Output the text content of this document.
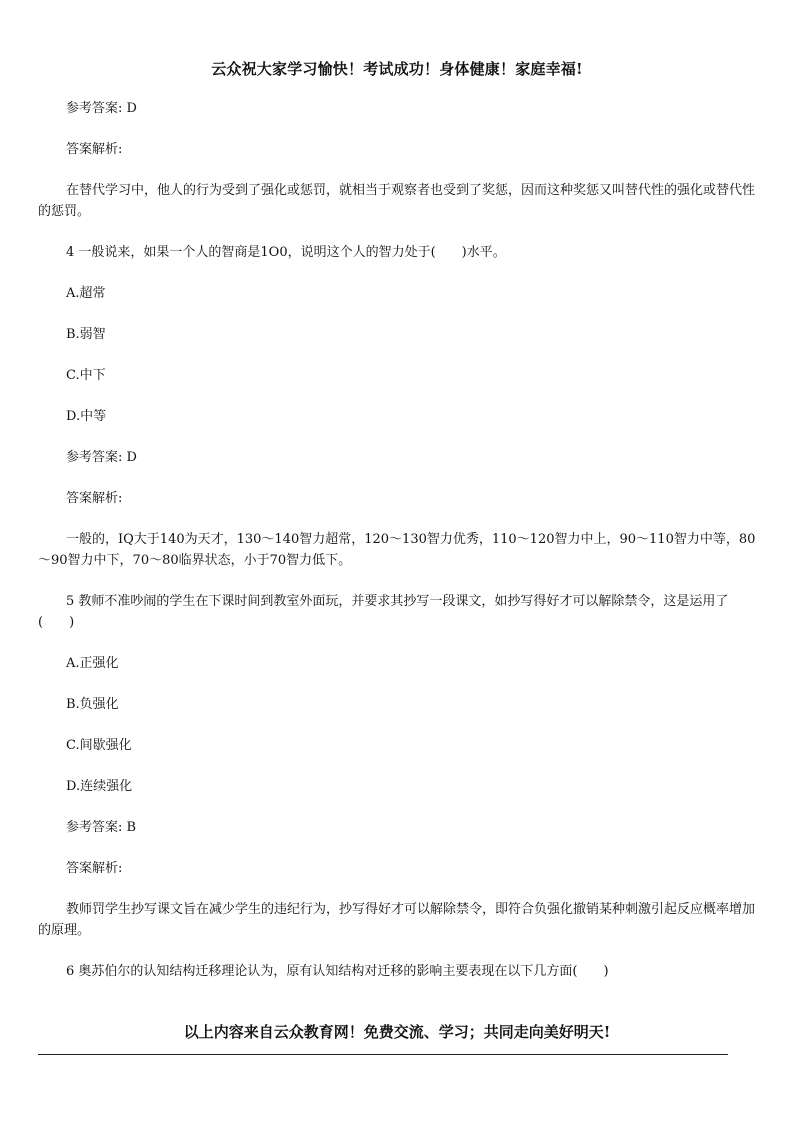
云众祝大家学习愉快！考试成功！身体健康！家庭幸福!

参考答案: D

答案解析:

在替代学习中，他人的行为受到了强化或惩罚，就相当于观察者也受到了奖惩，因而这种奖惩又叫替代性的强化或替代性的惩罚。

4 一般说来，如果一个人的智商是1O0，说明这个人的智力处于(　　)水平。

A.超常

B.弱智

C.中下

D.中等

参考答案: D

答案解析:

一般的，IQ大于140为天才，130～140智力超常，120～130智力优秀，110～120智力中上，90～110智力中等，80～90智力中下，70～80临界状态，小于70智力低下。

5 教师不准吵闹的学生在下课时间到教室外面玩，并要求其抄写一段课文，如抄写得好才可以解除禁令，这是运用了(　　)

A.正强化

B.负强化

C.间歇强化

D.连续强化

参考答案: B

答案解析:

教师罚学生抄写课文旨在减少学生的违纪行为，抄写得好才可以解除禁令，即符合负强化撤销某种刺激引起反应概率增加的原理。

6 奥苏伯尔的认知结构迁移理论认为，原有认知结构对迁移的影响主要表现在以下几方面(　　)

以上内容来自云众教育网！免费交流、学习；共同走向美好明天!
